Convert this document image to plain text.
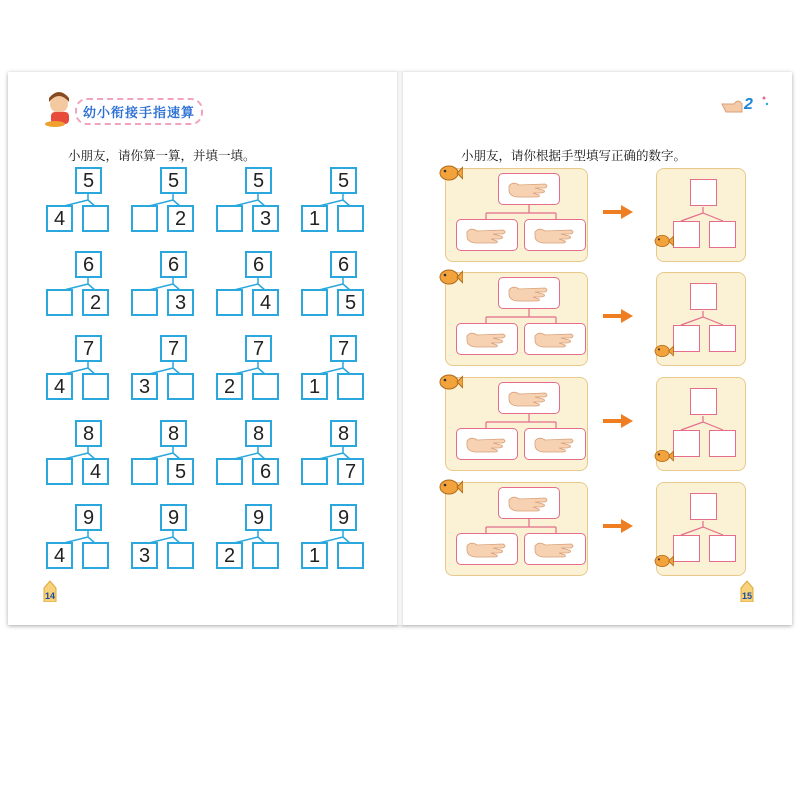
幼小衔接手指速算
小朋友，请你算一算，并填一填。
5
4
5
2
5
3
5
1
6
2
6
3
6
4
6
5
7
4
7
3
7
2
7
1
8
4
8
5
8
6
8
7
9
4
9
3
9
2
9
1
14
2
小朋友，请你根据手型填写正确的数字。
15
